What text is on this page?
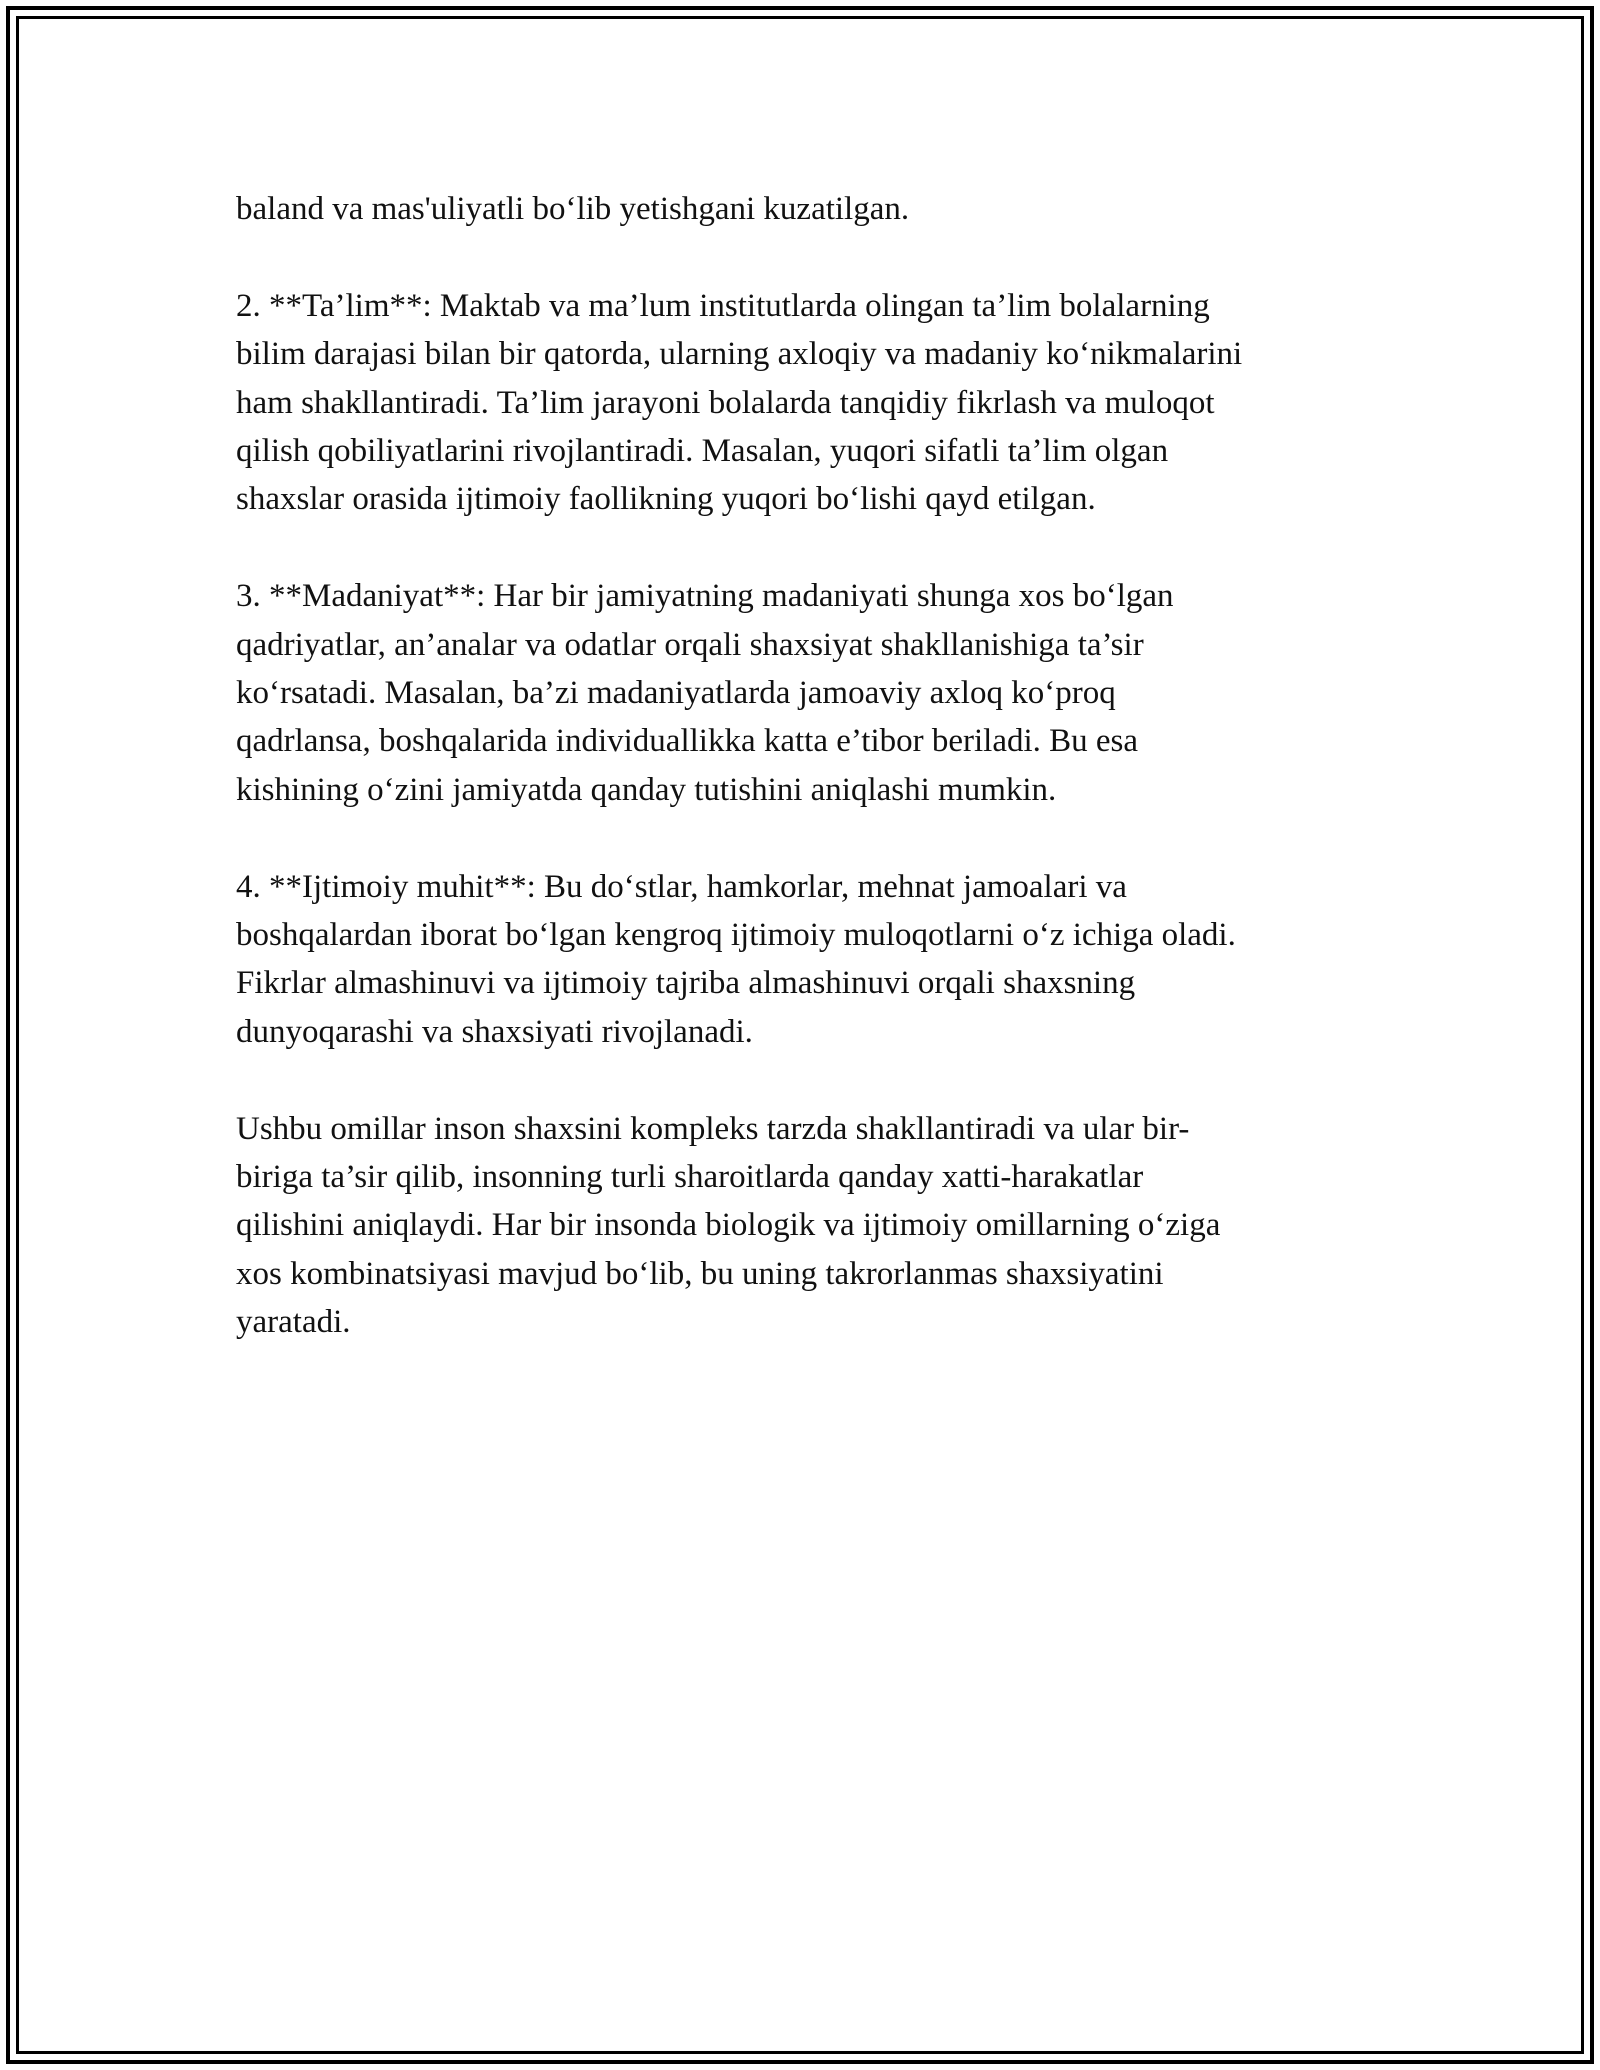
baland va mas'uliyatli bo‘lib yetishgani kuzatilgan.

2. **Ta’lim**: Maktab va ma’lum institutlarda olingan ta’lim bolalarning
bilim darajasi bilan bir qatorda, ularning axloqiy va madaniy ko‘nikmalarini
ham shakllantiradi. Ta’lim jarayoni bolalarda tanqidiy fikrlash va muloqot
qilish qobiliyatlarini rivojlantiradi. Masalan, yuqori sifatli ta’lim olgan
shaxslar orasida ijtimoiy faollikning yuqori bo‘lishi qayd etilgan.

3. **Madaniyat**: Har bir jamiyatning madaniyati shunga xos bo‘lgan
qadriyatlar, an’analar va odatlar orqali shaxsiyat shakllanishiga ta’sir
ko‘rsatadi. Masalan, ba’zi madaniyatlarda jamoaviy axloq ko‘proq
qadrlansa, boshqalarida individuallikka katta e’tibor beriladi. Bu esa
kishining o‘zini jamiyatda qanday tutishini aniqlashi mumkin.

4. **Ijtimoiy muhit**: Bu do‘stlar, hamkorlar, mehnat jamoalari va
boshqalardan iborat bo‘lgan kengroq ijtimoiy muloqotlarni o‘z ichiga oladi.
Fikrlar almashinuvi va ijtimoiy tajriba almashinuvi orqali shaxsning
dunyoqarashi va shaxsiyati rivojlanadi.

Ushbu omillar inson shaxsini kompleks tarzda shakllantiradi va ular bir-
biriga ta’sir qilib, insonning turli sharoitlarda qanday xatti-harakatlar
qilishini aniqlaydi. Har bir insonda biologik va ijtimoiy omillarning o‘ziga
xos kombinatsiyasi mavjud bo‘lib, bu uning takrorlanmas shaxsiyatini
yaratadi.
